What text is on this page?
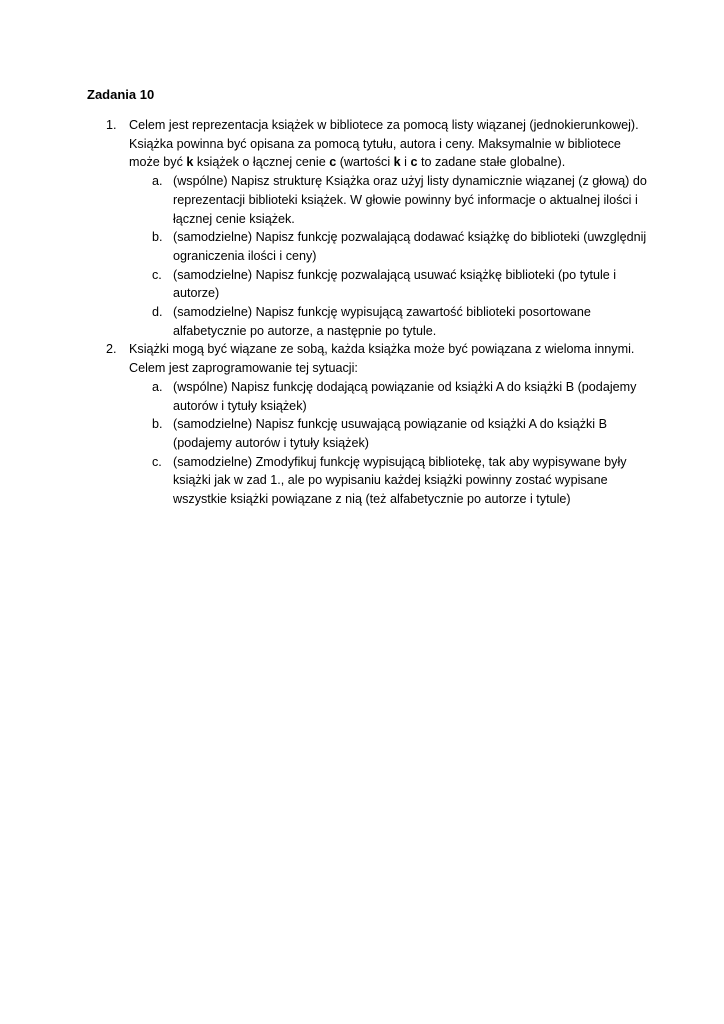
Zadania 10
1. Celem jest reprezentacja książek w bibliotece za pomocą listy wiązanej (jednokierunkowej).
Książka powinna być opisana za pomocą tytułu, autora i ceny. Maksymalnie w bibliotece
może być k książek o łącznej cenie c (wartości k i c to zadane stałe globalne).
a. (wspólne) Napisz strukturę Książka oraz użyj listy dynamicznie wiązanej (z głową) do
reprezentacji biblioteki książek. W głowie powinny być informacje o aktualnej ilości i
łącznej cenie książek.
b. (samodzielne) Napisz funkcję pozwalającą dodawać książkę do biblioteki (uwzględnij
ograniczenia ilości i ceny)
c. (samodzielne) Napisz funkcję pozwalającą usuwać książkę biblioteki (po tytule i
autorze)
d. (samodzielne) Napisz funkcję wypisującą zawartość biblioteki posortowane
alfabetycznie po autorze, a następnie po tytule.
2. Książki mogą być wiązane ze sobą, każda książka może być powiązana z wieloma innymi.
Celem jest zaprogramowanie tej sytuacji:
a. (wspólne) Napisz funkcję dodającą powiązanie od książki A do książki B (podajemy
autorów i tytuły książek)
b. (samodzielne) Napisz funkcję usuwającą powiązanie od książki A do książki B
(podajemy autorów i tytuły książek)
c. (samodzielne) Zmodyfikuj funkcję wypisującą bibliotekę, tak aby wypisywane były
książki jak w zad 1., ale po wypisaniu każdej książki powinny zostać wypisane
wszystkie książki powiązane z nią (też alfabetycznie po autorze i tytule)
